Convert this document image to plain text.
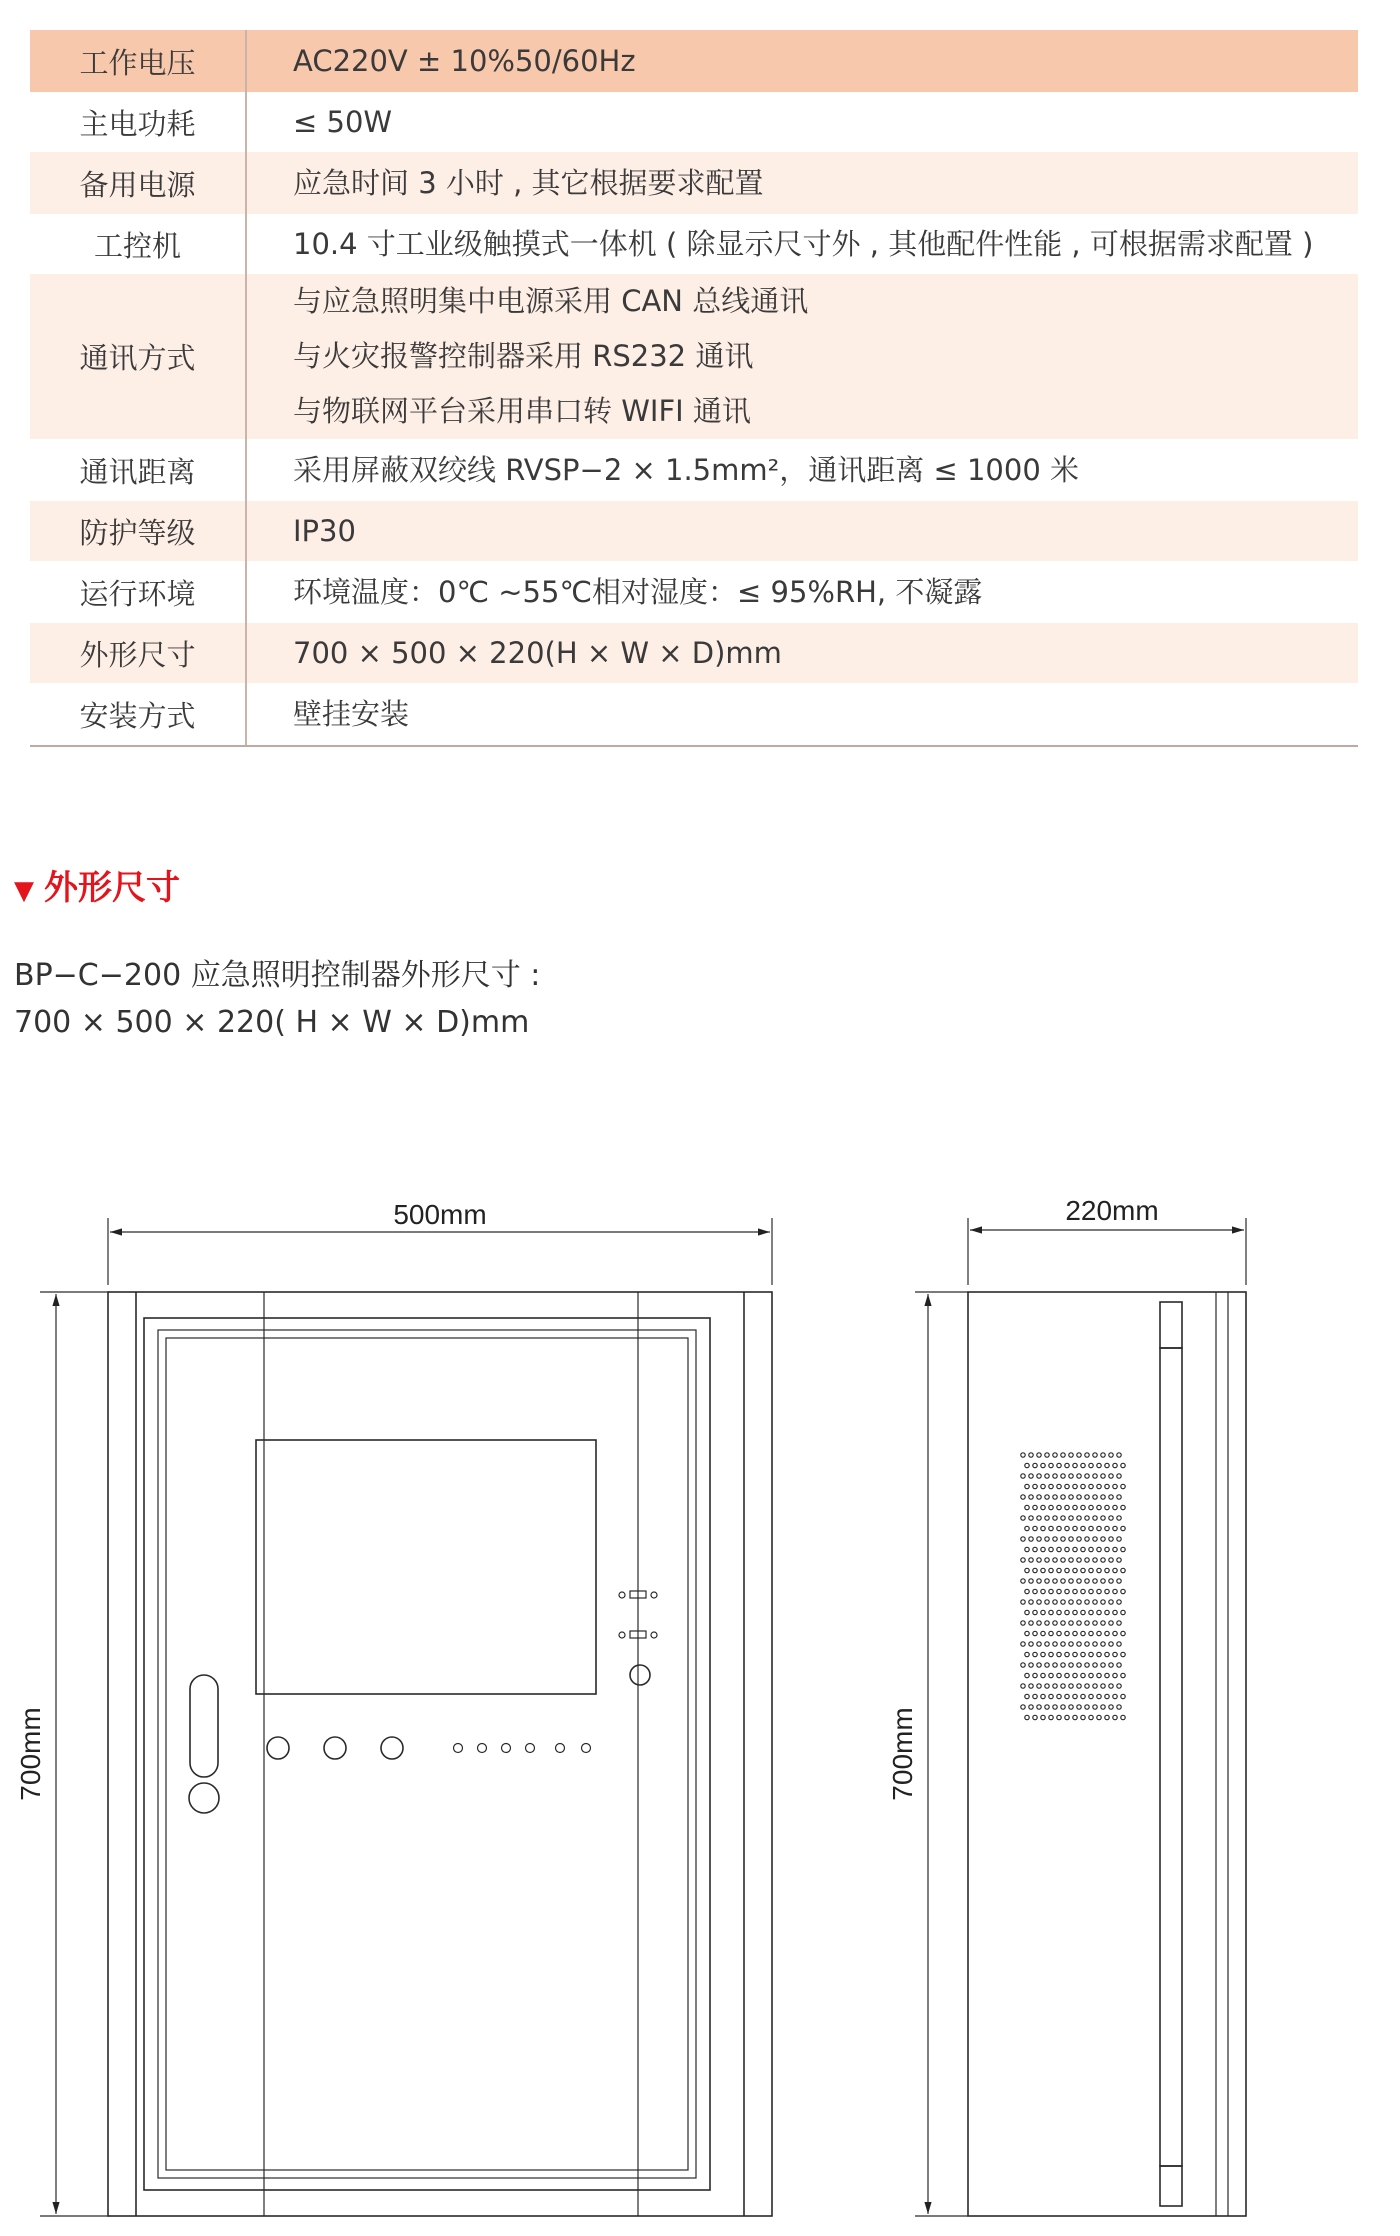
工作电压	AC220V ± 10%50/60Hz

主电功耗	≤ 50W

备用电源	应急时间 3 小时 , 其它根据要求配置

工控机	10.4 寸工业级触摸式一体机 ( 除显示尺寸外 , 其他配件性能 , 可根据需求配置 )

通讯方式	与应急照明集中电源采用 CAN 总线通讯
与火灾报警控制器采用 RS232 通讯
与物联网平台采用串口转 WIFI 通讯

通讯距离	采用屏蔽双绞线 RVSP−2 × 1.5mm²，通讯距离 ≤ 1000 米

防护等级	IP30

运行环境	环境温度：0℃ ~55℃相对湿度：≤ 95%RH, 不凝露

外形尺寸	700 × 500 × 220(H × W × D)mm

安装方式	壁挂安装
▼ 外形尺寸
BP−C−200 应急照明控制器外形尺寸 :
700 × 500 × 220( H × W × D)mm
500mm
700mm
220mm
700mm
